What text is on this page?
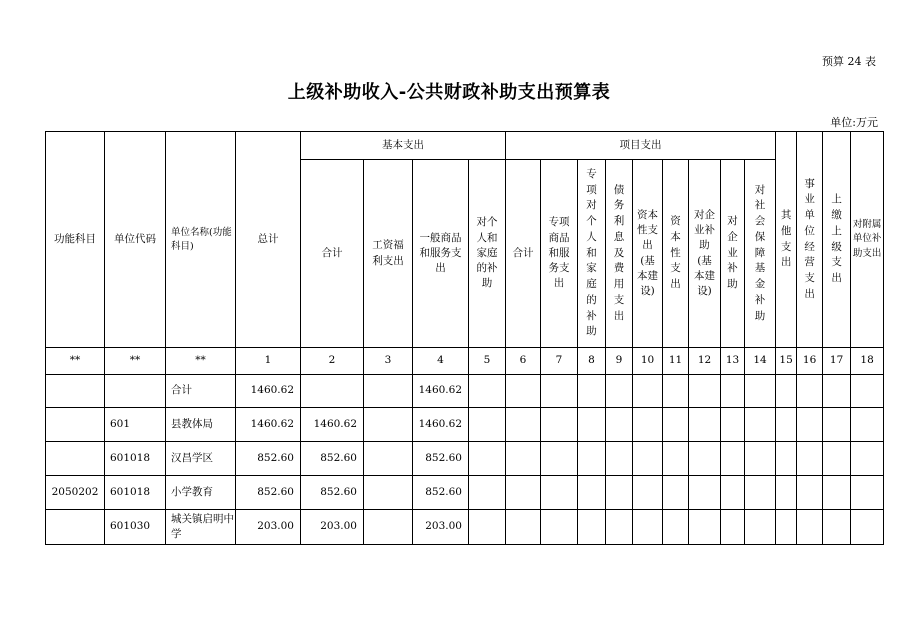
预算 24 表
上级补助收入-公共财政补助支出预算表
单位:万元
功能科目	单位代码	单位名称(功能科目)	总计	基本支出				项目支出									其他支出	事业单位经营支出	上缴上级支出	对附属单位补助支出
				合计	工资福利支出	一般商品和服务支出	对个人和家庭的补助	合计	专项商品和服务支出	专项对个人和家庭的补助	债务利息及费用支出	资本性支出(基本建设)	资本性支出	对企业补助(基本建设)	对企业补助	对社会保障基金补助				
**	**	**	1	2	3	4	5	6	7	8	9	10	11	12	13	14	15	16	17	18
		合计	1460.62			1460.62														
	601	县教体局	1460.62	1460.62		1460.62														
	601018	汉昌学区	852.60	852.60		852.60														
2050202	601018	小学教育	852.60	852.60		852.60														
	601030	城关镇启明中学	203.00	203.00		203.00														
